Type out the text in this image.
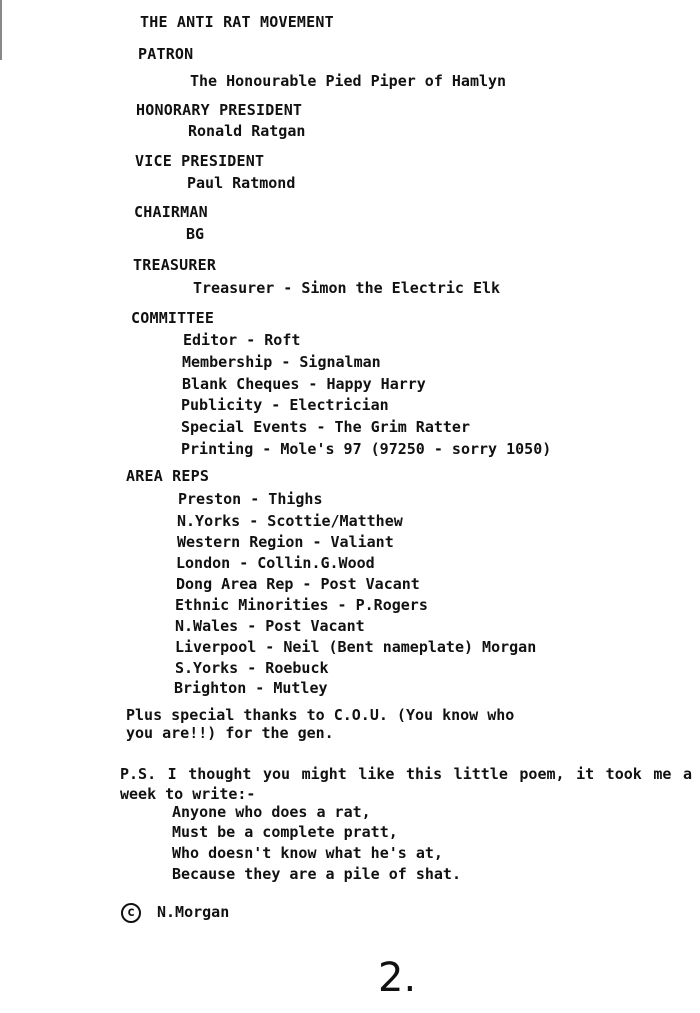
THE ANTI RAT MOVEMENT
PATRON
The Honourable Pied Piper of Hamlyn
HONORARY PRESIDENT
Ronald Ratgan
VICE PRESIDENT
Paul Ratmond
CHAIRMAN
BG
TREASURER
Treasurer - Simon the Electric Elk
COMMITTEE
Editor - Roft
Membership - Signalman
Blank Cheques - Happy Harry
Publicity - Electrician
Special Events - The Grim Ratter
Printing - Mole's 97 (97250 - sorry 1050)
AREA REPS
Preston - Thighs
N.Yorks - Scottie/Matthew
Western Region - Valiant
London - Collin.G.Wood
Dong Area Rep - Post Vacant
Ethnic Minorities - P.Rogers
N.Wales - Post Vacant
Liverpool - Neil (Bent nameplate) Morgan
S.Yorks - Roebuck
Brighton - Mutley
Plus special thanks to C.O.U. (You know who
you are!!) for the gen.
P.S. I thought you might like this little poem, it took me a week to write:-
Anyone who does a rat,
Must be a complete pratt,
Who doesn't know what he's at,
Because they are a pile of shat.
c	N.Morgan
2.
